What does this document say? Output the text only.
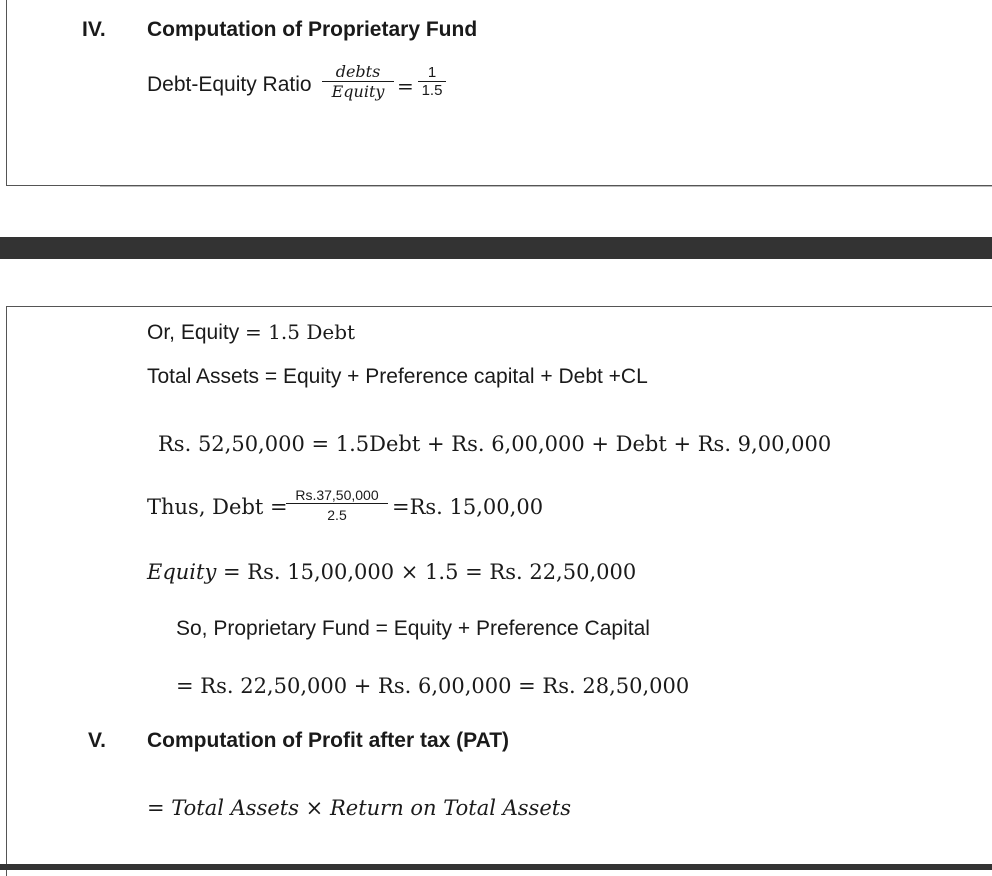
IV. Computation of Proprietary Fund
Debt-Equity Ratio
debts
Equity =
1
1.5
Or, Equity = 1.5 Debt
Total Assets = Equity + Preference capital + Debt +CL
Rs. 52,50,000 = 1.5Debt + Rs. 6,00,000 + Debt + Rs. 9,00,000
Thus, Debt = Rs.37,50,000
2.5	=Rs. 15,00,00
Equity = Rs. 15,00,000 × 1.5 = Rs. 22,50,000
So, Proprietary Fund = Equity + Preference Capital
= Rs. 22,50,000 + Rs. 6,00,000 = Rs. 28,50,000
V. Computation of Profit after tax (PAT)
= Total Assets × Return on Total Assets
